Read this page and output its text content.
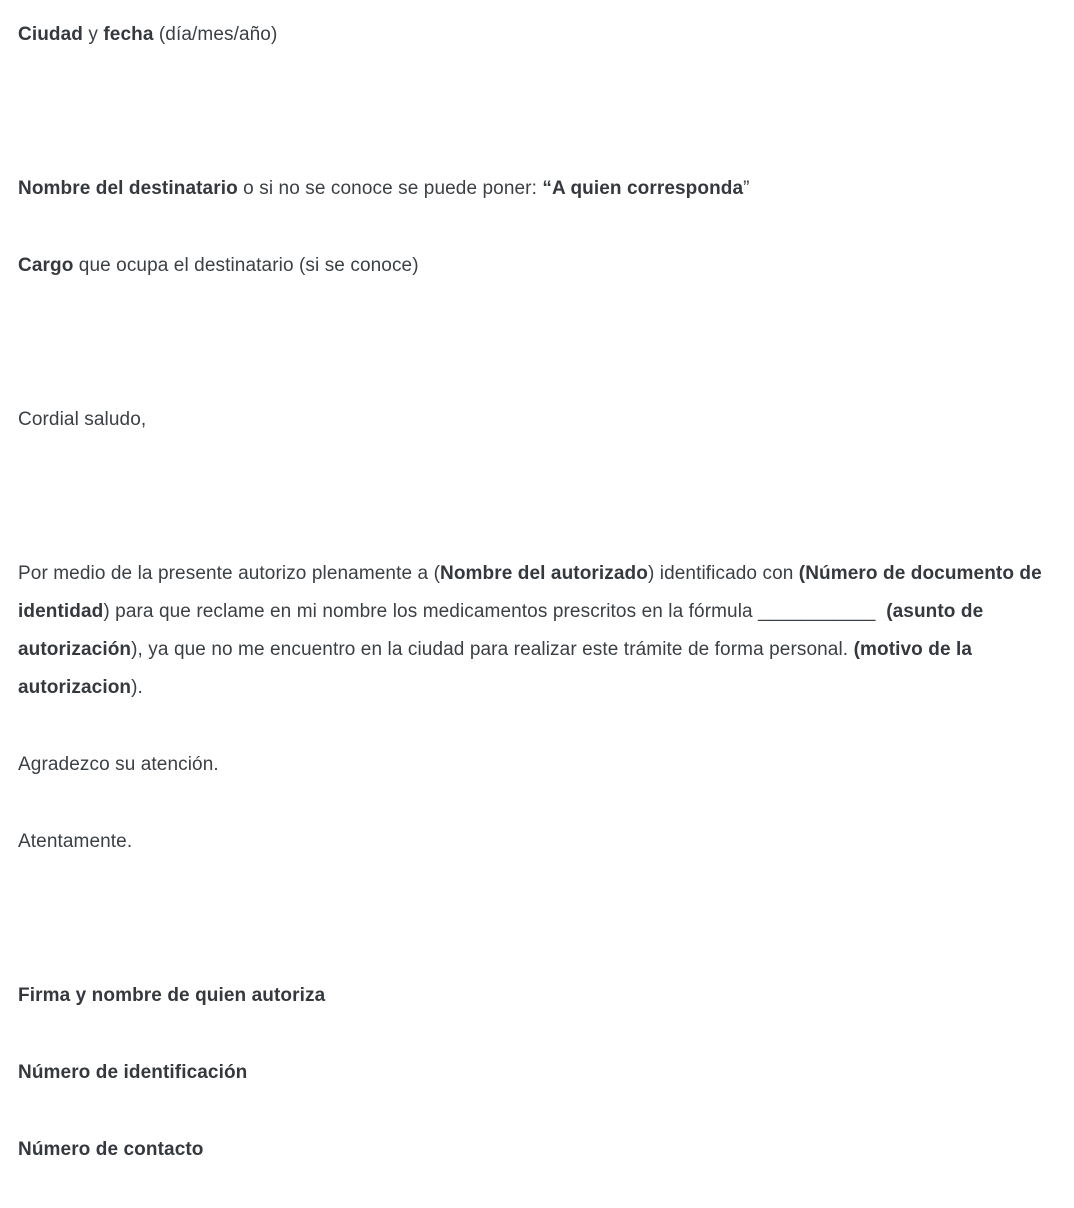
Ciudad y fecha (día/mes/año)

Nombre del destinatario o si no se conoce se puede poner: “A quien corresponda”

Cargo que ocupa el destinatario (si se conoce)

Cordial saludo,

Por medio de la presente autorizo plenamente a (Nombre del autorizado) identificado con (Número de documento de identidad) para que reclame en mi nombre los medicamentos prescritos en la fórmula ___________  (asunto de autorización), ya que no me encuentro en la ciudad para realizar este trámite de forma personal. (motivo de la autorizacion).

Agradezco su atención.

Atentamente.

Firma y nombre de quien autoriza

Número de identificación

Número de contacto
